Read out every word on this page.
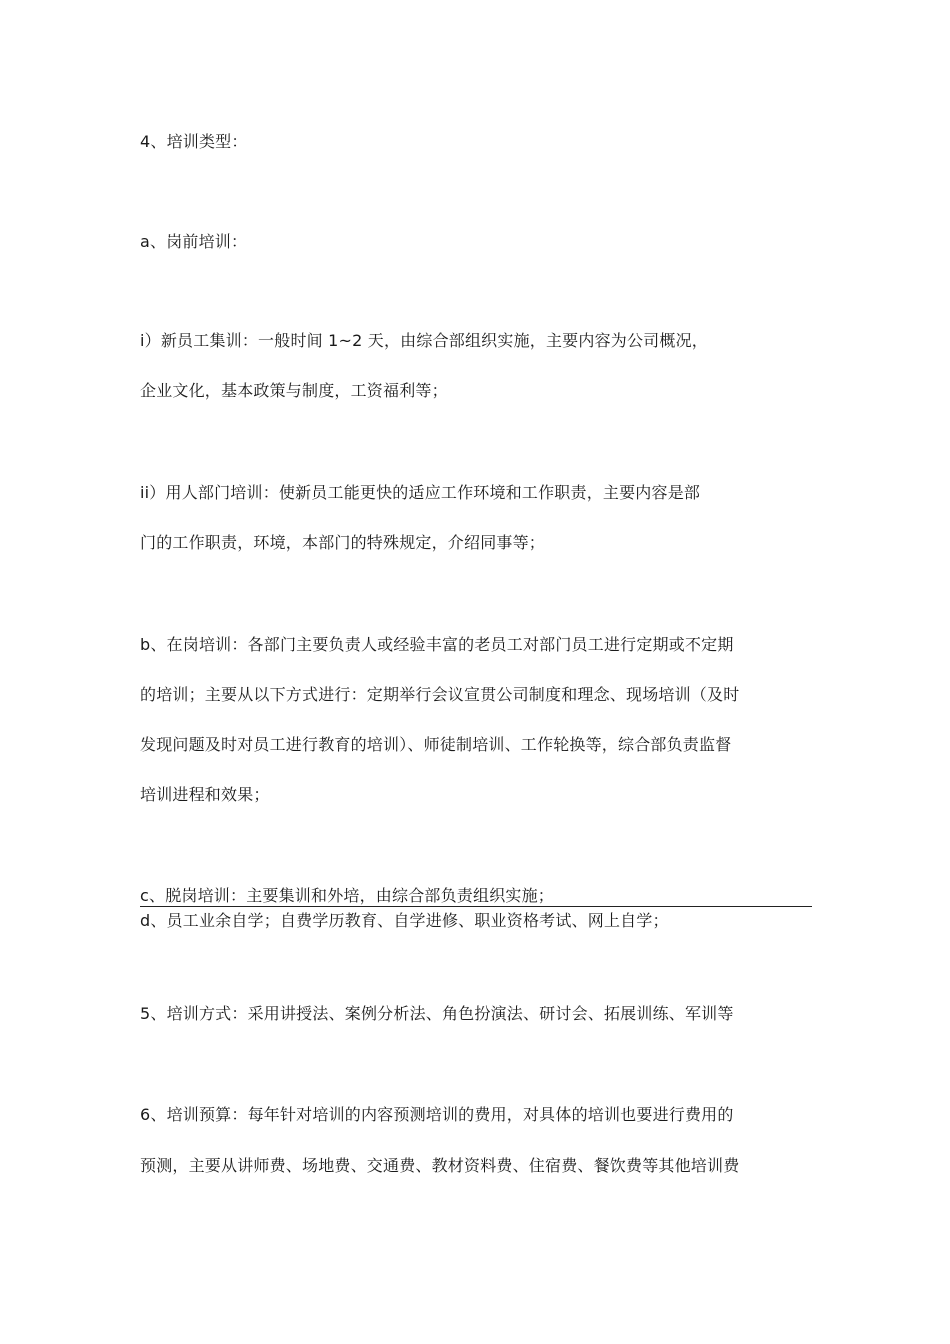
4、培训类型：
a、岗前培训：
i）新员工集训：一般时间 1~2 天，由综合部组织实施，主要内容为公司概况，
企业文化，基本政策与制度，工资福利等；
ii）用人部门培训：使新员工能更快的适应工作环境和工作职责，主要内容是部
门的工作职责，环境，本部门的特殊规定，介绍同事等；
b、在岗培训：各部门主要负责人或经验丰富的老员工对部门员工进行定期或不定期
的培训；主要从以下方式进行：定期举行会议宣贯公司制度和理念、现场培训（及时
发现问题及时对员工进行教育的培训）、师徒制培训、工作轮换等，综合部负责监督
培训进程和效果；
c、脱岗培训：主要集训和外培，由综合部负责组织实施；
d、员工业余自学；自费学历教育、自学进修、职业资格考试、网上自学；
5、培训方式：采用讲授法、案例分析法、角色扮演法、研讨会、拓展训练、军训等
6、培训预算：每年针对培训的内容预测培训的费用，对具体的培训也要进行费用的
预测，主要从讲师费、场地费、交通费、教材资料费、住宿费、餐饮费等其他培训费
